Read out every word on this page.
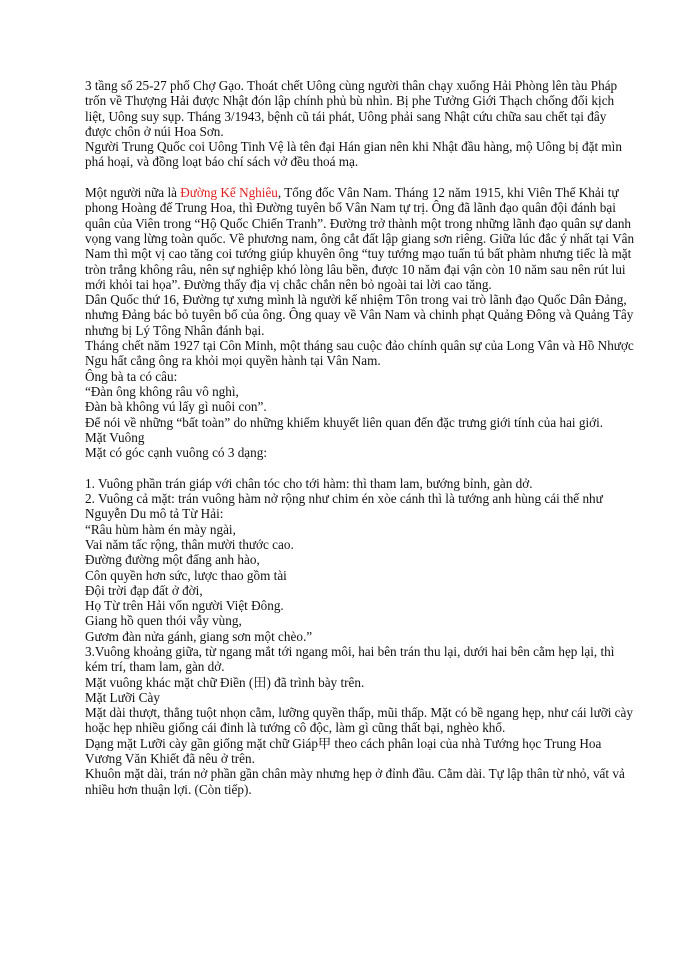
3 tầng số 25-27 phố Chợ Gạo. Thoát chết Uông cùng người thân chạy xuống Hải Phòng lên tàu Pháp trốn về Thượng Hải được Nhật đón lập chính phủ bù nhìn. Bị phe Tưởng Giới Thạch chống đối kịch liệt, Uông suy sụp. Tháng 3/1943, bệnh cũ tái phát, Uông phải sang Nhật cứu chữa sau chết tại đây được chôn ở núi Hoa Sơn.

Người Trung Quốc coi Uông Tinh Vệ là tên đại Hán gian nên khi Nhật đầu hàng, mộ Uông bị đặt mìn phá hoại, và đồng loạt báo chí sách vở đều thoá mạ.

Một người nữa là Đường Kế Nghiêu, Tổng đốc Vân Nam. Tháng 12 năm 1915, khi Viên Thế Khải tự phong Hoàng đế Trung Hoa, thì Đường tuyên bố Vân Nam tự trị. Ông đã lãnh đạo quân đội đánh bại quân của Viên trong “Hộ Quốc Chiến Tranh”. Đường trở thành một trong những lãnh đạo quân sự danh vọng vang lừng toàn quốc. Về phương nam, ông cắt đất lập giang sơn riêng. Giữa lúc đắc ý nhất tại Vân Nam thì một vị cao tăng coi tướng giúp khuyên ông “tuy tướng mạo tuấn tú bất phàm nhưng tiếc là mặt tròn trắng không râu, nên sự nghiệp khó lòng lâu bền, được 10 năm đại vận còn 10 năm sau nên rút lui mới khỏi tai họa”. Đường thấy địa vị chắc chắn nên bỏ ngoài tai lời cao tăng.

Dân Quốc thứ 16, Đường tự xưng mình là người kế nhiệm Tôn trong vai trò lãnh đạo Quốc Dân Đảng, nhưng Đảng bác bỏ tuyên bố của ông. Ông quay về Vân Nam và chinh phạt Quảng Đông và Quảng Tây nhưng bị Lý Tông Nhân đánh bại.

Tháng chết năm 1927 tại Côn Minh, một tháng sau cuộc đảo chính quân sự của Long Vân và Hồ Nhược Ngu hất cẳng ông ra khỏi mọi quyền hành tại Vân Nam.

Ông bà ta có câu:

“Đàn ông không râu vô nghì,

Đàn bà không vú lấy gì nuôi con”.

Để nói về những “bất toàn” do những khiếm khuyết liên quan đến đặc trưng giới tính của hai giới.

Mặt Vuông

Mặt có góc cạnh vuông có 3 dạng:

1. Vuông phần trán giáp với chân tóc cho tới hàm: thì tham lam, bướng bỉnh, gàn dở.

2. Vuông cả mặt: trán vuông hàm nở rộng như chim én xòe cánh thì là tướng anh hùng cái thế như Nguyễn Du mô tả Từ Hải:

“Râu hùm hàm én mày ngài,

Vai năm tấc rộng, thân mười thước cao.

Đường đường một đấng anh hào,

Côn quyền hơn sức, lược thao gồm tài

Đội trời đạp đất ở đời,

Họ Từ trên Hải vốn người Việt Đông.

Giang hồ quen thói vẫy vùng,

Gươm đàn nửa gánh, giang sơn một chèo.”

3.Vuông khoảng giữa, từ ngang mắt tới ngang môi, hai bên trán thu lại, dưới hai bên cằm hẹp lại, thì kém trí, tham lam, gàn dở.

Mặt vuông khác mặt chữ Điền (田) đã trình bày trên.

Mặt Lưỡi Cày

Mặt dài thượt, thẳng tuột nhọn cằm, lưỡng quyền thấp, mũi thấp. Mặt có bề ngang hẹp, như cái lưỡi cày hoặc hẹp nhiều giống cái đinh là tướng cô độc, làm gì cũng thất bại, nghèo khổ.

Dạng mặt Lưỡi cày gần giống mặt chữ Giáp甲 theo cách phân loại của nhà Tướng học Trung Hoa Vương Văn Khiết đã nêu ở trên.

Khuôn mặt dài, trán nở phần gần chân mày nhưng hẹp ở đỉnh đầu. Cằm dài. Tự lập thân từ nhỏ, vất vả nhiều hơn thuận lợi. (Còn tiếp).
